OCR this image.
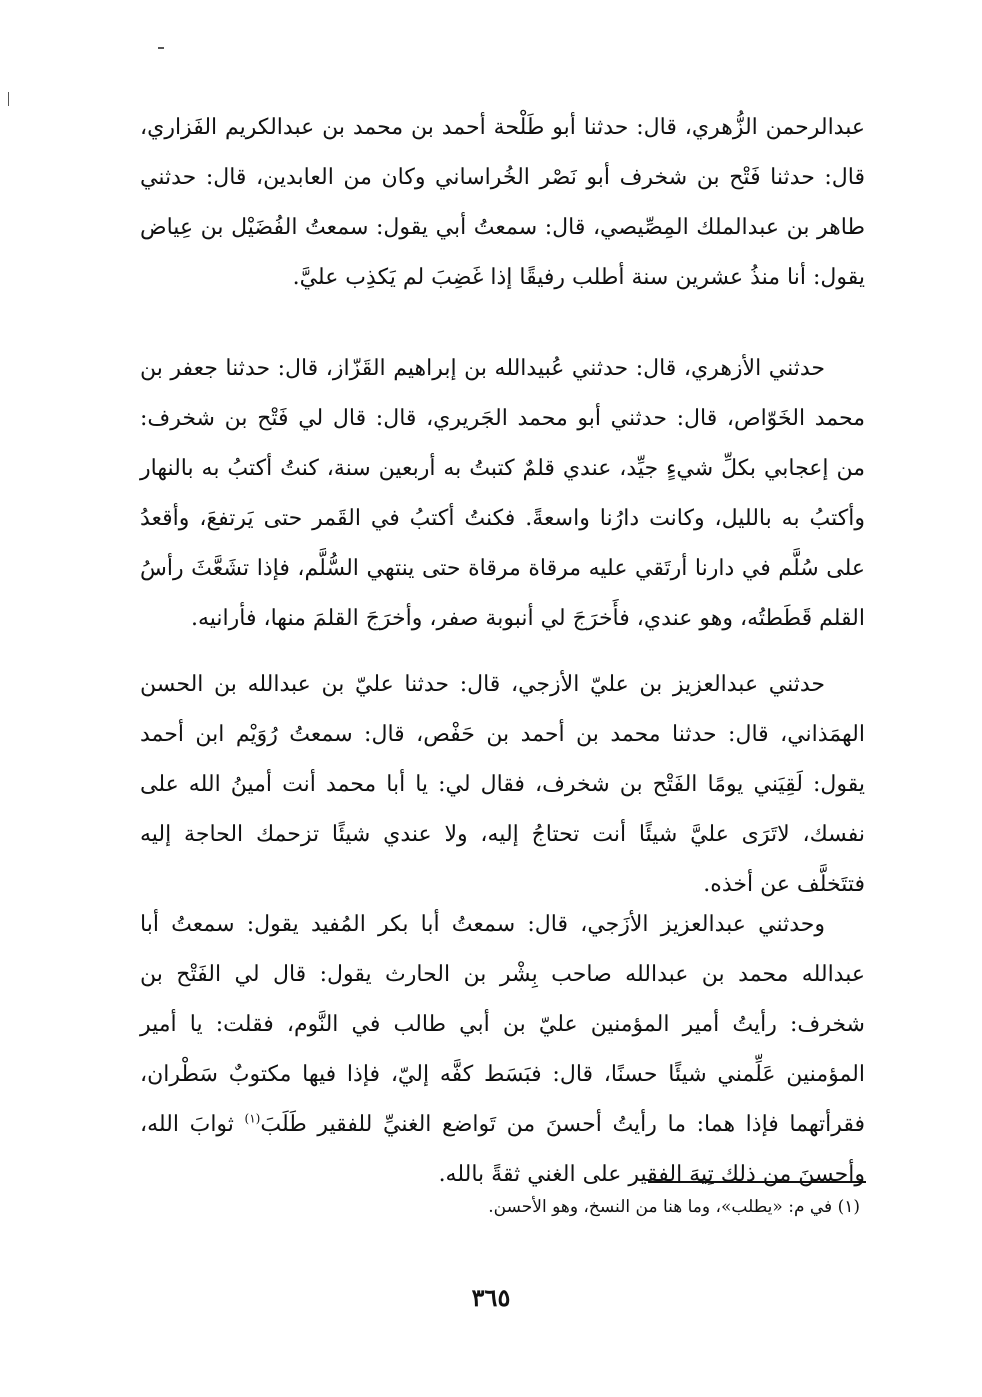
عبدالرحمن الزُّهري، قال: حدثنا أبو طَلْحة أحمد بن محمد بن عبدالكريم الفَزاري، قال: حدثنا فَتْح بن شخرف أبو نَصْر الخُراساني وكان من العابدين، قال: حدثني طاهر بن عبدالملك المِصِّيصي، قال: سمعتُ أبي يقول: سمعتُ الفُضَيْل بن عِياض يقول: أنا منذُ عشرين سنة أطلب رفيقًا إذا غَضِبَ لم يَكذِب عليَّ.

حدثني الأزهري، قال: حدثني عُبيدالله بن إبراهيم القَزّاز، قال: حدثنا جعفر بن محمد الخَوّاص، قال: حدثني أبو محمد الجَريري، قال: قال لي فَتْح بن شخرف: من إعجابي بكلِّ شيءٍ جيِّد، عندي قلمٌ كتبتُ به أربعين سنة، كنتُ أكتبُ به بالنهار وأكتبُ به بالليل، وكانت دارُنا واسعةً. فكنتُ أكتبُ في القَمر حتى يَرتفعَ، وأقعدُ على سُلَّم في دارنا أرتَقي عليه مرقاة مرقاة حتى ينتهي السُّلَّم، فإذا تشَعَّثَ رأسُ القلم قَطَطتُه، وهو عندي، فأَخرَجَ لي أنبوبة صفر، وأخرَجَ القلمَ منها، فأرانيه.

حدثني عبدالعزيز بن عليّ الأزجي، قال: حدثنا عليّ بن عبدالله بن الحسن الهمَذاني، قال: حدثنا محمد بن أحمد بن حَفْص، قال: سمعتُ رُوَيْم ابن أحمد يقول: لَقِيَني يومًا الفَتْح بن شخرف، فقال لي: يا أبا محمد أنت أمينُ الله على نفسك، لاتَرَى عليَّ شيئًا أنت تحتاجُ إليه، ولا عندي شيئًا تزحمك الحاجة إليه فتتَخلَّف عن أخذه.

وحدثني عبدالعزيز الأزَجي، قال: سمعتُ أبا بكر المُفيد يقول: سمعتُ أبا عبدالله محمد بن عبدالله صاحب بِشْر بن الحارث يقول: قال لي الفَتْح بن شخرف: رأيتُ أمير المؤمنين عليّ بن أبي طالب في النَّوم، فقلت: يا أمير المؤمنين عَلِّمني شيئًا حسنًا، قال: فبَسَط كفَّه إليّ، فإذا فيها مكتوبٌ سَطْران، فقرأتهما فإذا هما: ما رأيتُ أحسنَ من تَواضع الغنيِّ للفقير طَلَبَ$^{(١)}$ ثوابَ الله، وأحسنَ من ذلك تِيهَ الفقير على الغني ثقةً بالله.

(١) في م: «يطلب»، وما هنا من النسخ، وهو الأحسن.
٣٦٥
